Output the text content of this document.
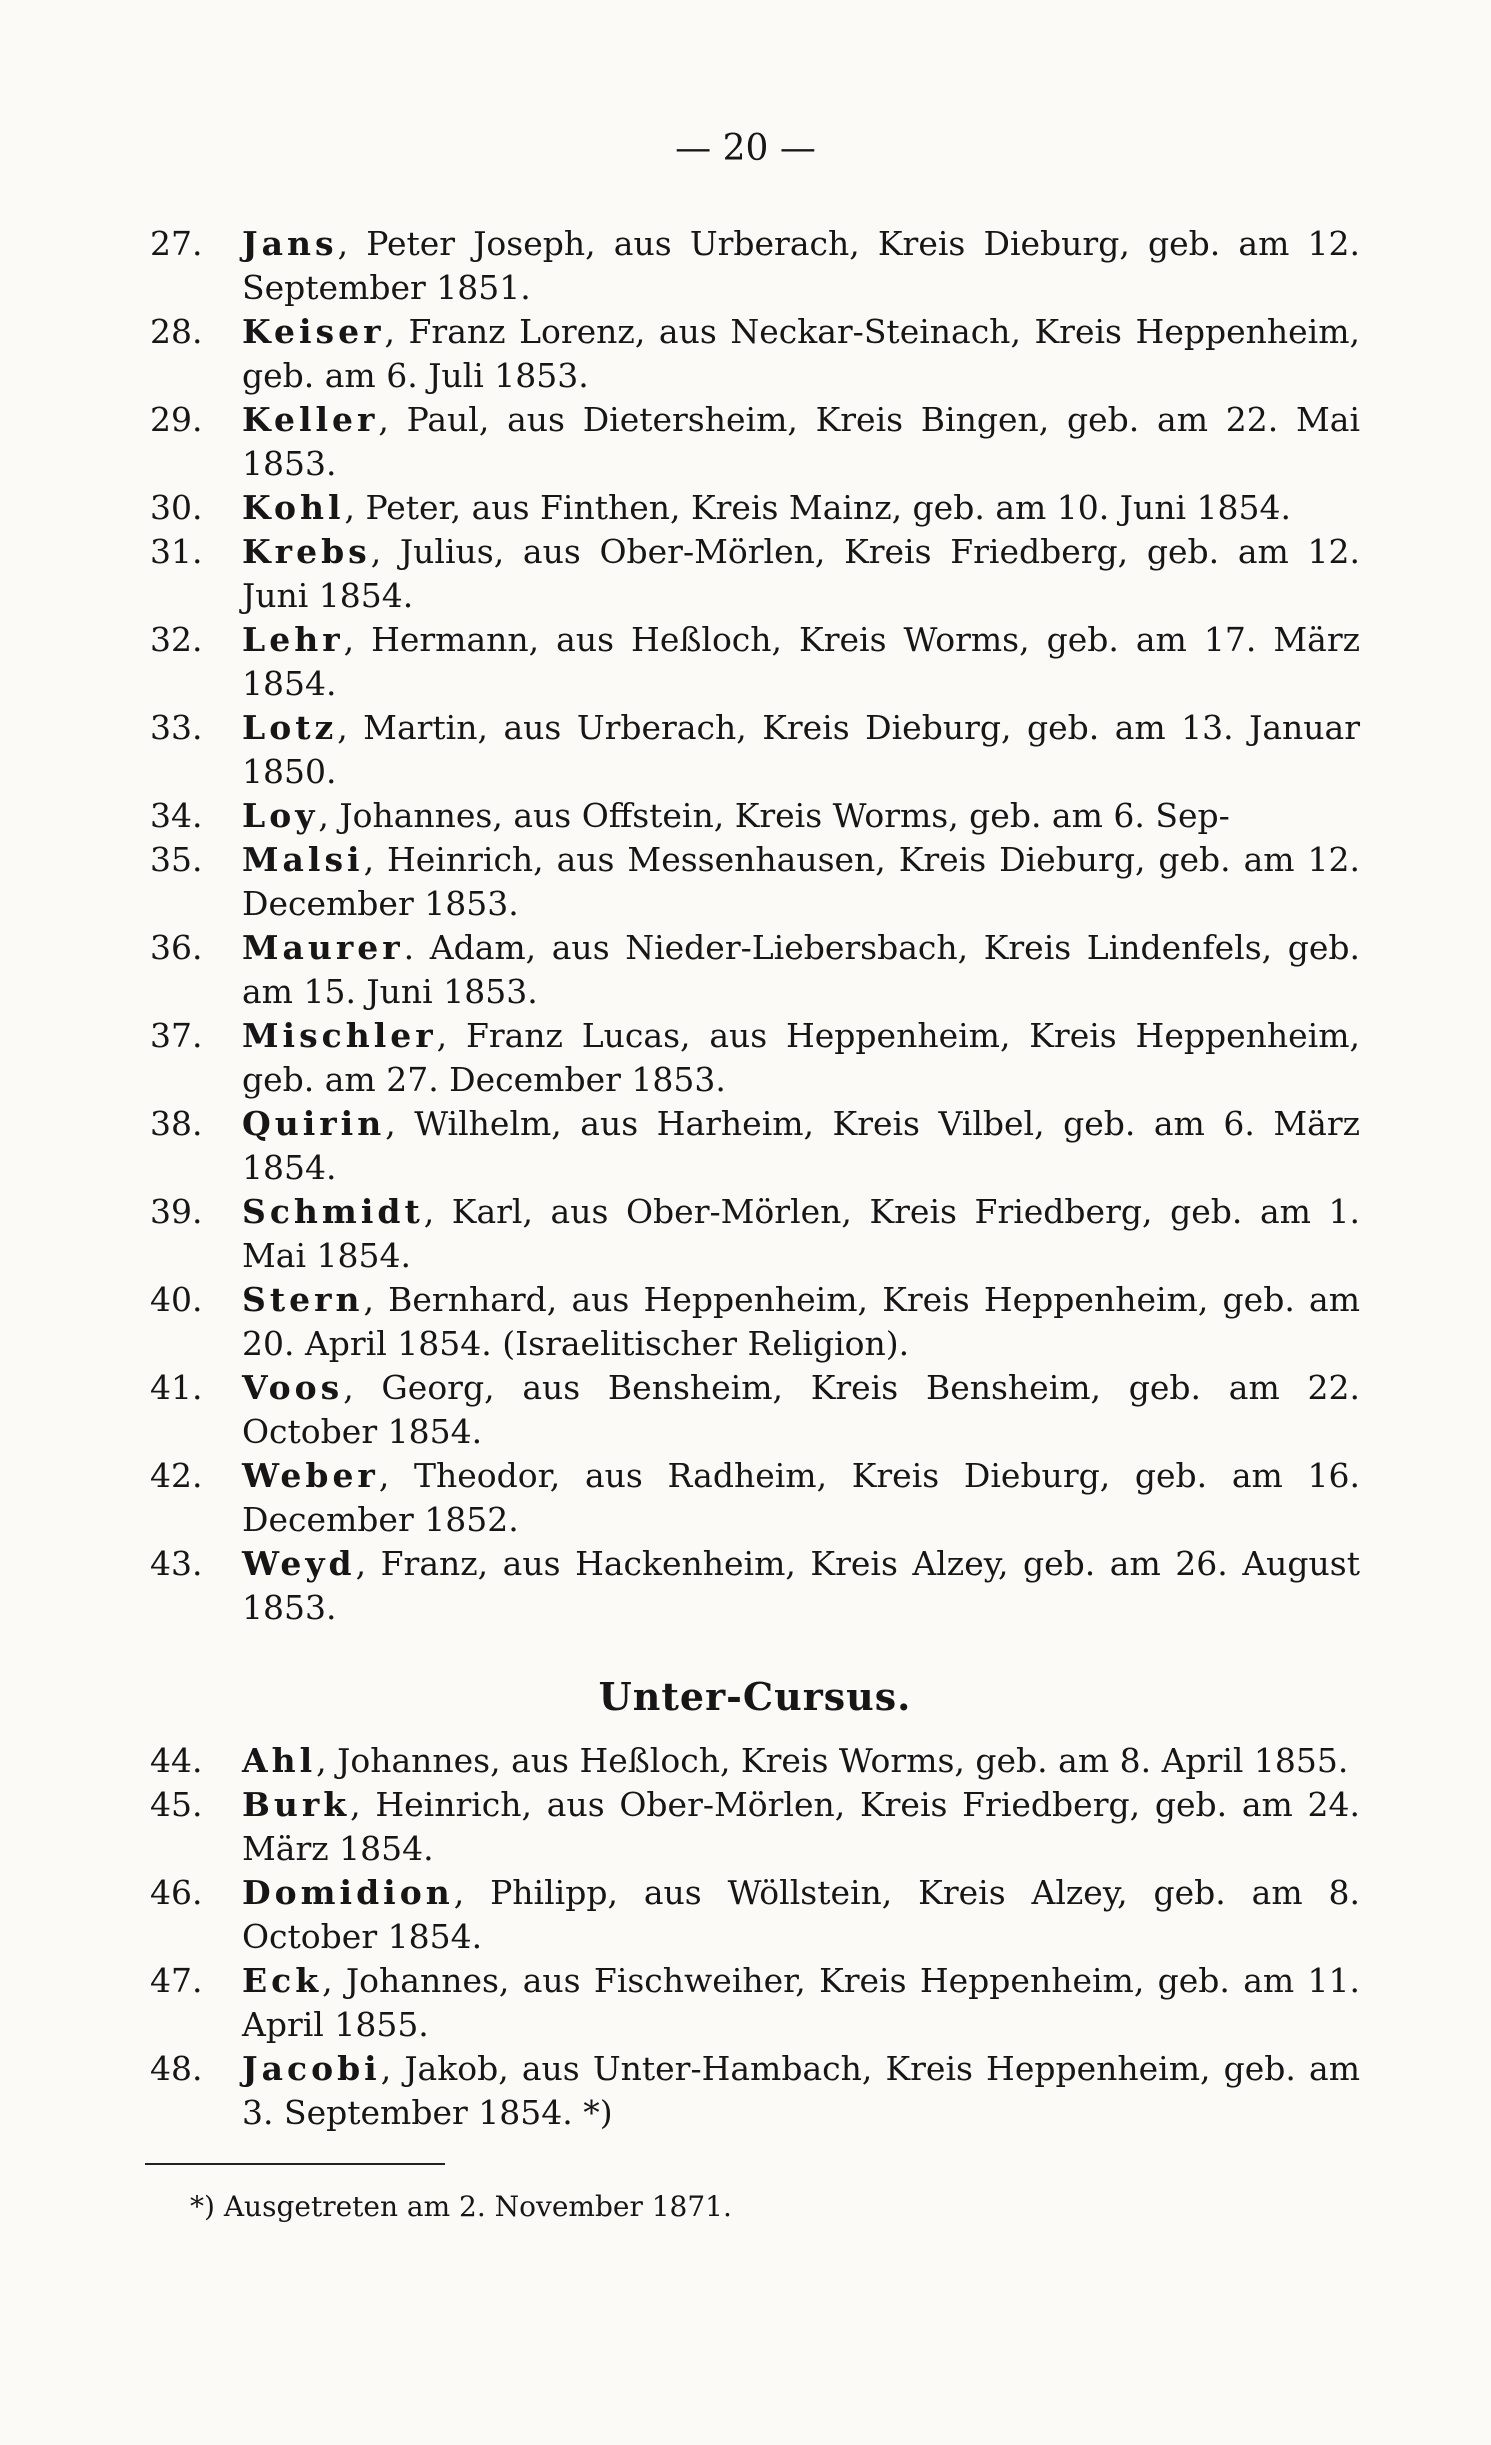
— 20 —
27.	Jans, Peter Joseph, aus Urberach, Kreis Dieburg, geb. am 12. September 1851.
28.	Keiser, Franz Lorenz, aus Neckar-Steinach, Kreis Heppenheim, geb. am 6. Juli 1853.
29.	Keller, Paul, aus Dietersheim, Kreis Bingen, geb. am 22. Mai 1853.
30.	Kohl, Peter, aus Finthen, Kreis Mainz, geb. am 10. Juni 1854.
31.	Krebs, Julius, aus Ober-Mörlen, Kreis Friedberg, geb. am 12. Juni 1854.
32.	Lehr, Hermann, aus Heßloch, Kreis Worms, geb. am 17. März 1854.
33.	Lotz, Martin, aus Urberach, Kreis Dieburg, geb. am 13. Januar 1850.
34.	Loy, Johannes, aus Offstein, Kreis Worms, geb. am 6. Sep-
35.	Malsi, Heinrich, aus Messenhausen, Kreis Dieburg, geb. am 12. December 1853.
36.	Maurer. Adam, aus Nieder-Liebersbach, Kreis Lindenfels, geb. am 15. Juni 1853.
37.	Mischler, Franz Lucas, aus Heppenheim, Kreis Heppenheim, geb. am 27. December 1853.
38.	Quirin, Wilhelm, aus Harheim, Kreis Vilbel, geb. am 6. März 1854.
39.	Schmidt, Karl, aus Ober-Mörlen, Kreis Friedberg, geb. am 1. Mai 1854.
40.	Stern, Bernhard, aus Heppenheim, Kreis Heppenheim, geb. am 20. April 1854. (Israelitischer Religion).
41.	Voos, Georg, aus Bensheim, Kreis Bensheim, geb. am 22. October 1854.
42.	Weber, Theodor, aus Radheim, Kreis Dieburg, geb. am 16. December 1852.
43.	Weyd, Franz, aus Hackenheim, Kreis Alzey, geb. am 26. August 1853.
Unter-Cursus.
44.	Ahl, Johannes, aus Heßloch, Kreis Worms, geb. am 8. April 1855.
45.	Burk, Heinrich, aus Ober-Mörlen, Kreis Friedberg, geb. am 24. März 1854.
46.	Domidion, Philipp, aus Wöllstein, Kreis Alzey, geb. am 8. October 1854.
47.	Eck, Johannes, aus Fischweiher, Kreis Heppenheim, geb. am 11. April 1855.
48.	Jacobi, Jakob, aus Unter-Hambach, Kreis Heppenheim, geb. am 3. September 1854. *)
*) Ausgetreten am 2. November 1871.
